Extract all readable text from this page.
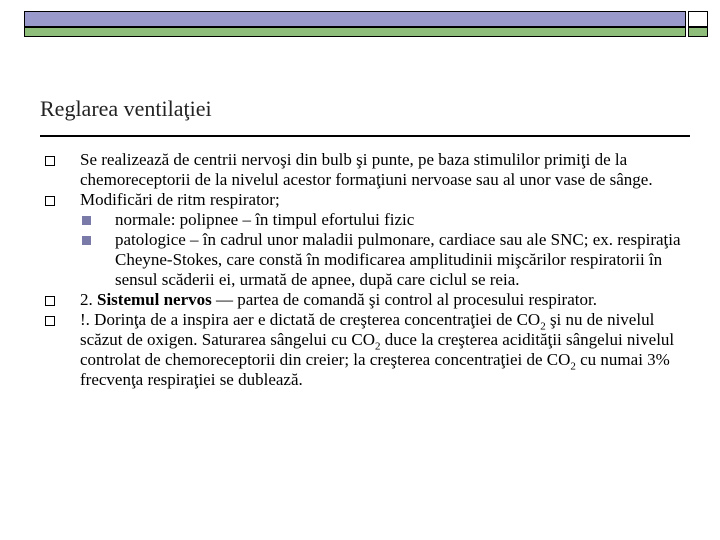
Reglarea ventilaţiei
Se realizează de centrii nervoşi din bulb şi punte, pe baza stimulilor primiţi de la chemoreceptorii de la nivelul acestor formaţiuni nervoase sau al unor vase de sânge.
Modificări de ritm respirator;
normale: polipnee – în timpul efortului fizic
patologice – în cadrul unor maladii pulmonare, cardiace sau ale SNC; ex. respiraţia Cheyne-Stokes, care constă în modificarea amplitudinii mişcărilor respiratorii în sensul scăderii ei, urmată de apnee, după care ciclul se reia.
2. Sistemul nervos — partea de comandă şi control al procesului respirator.
!. Dorinţa de a inspira aer e dictată de creşterea concentraţiei de $CO_2$ şi nu de nivelul scăzut de oxigen. Saturarea sângelui cu $CO_2$ duce la creşterea acidităţii sângelui nivelul controlat de chemoreceptorii din creier; la creşterea concentraţiei de $CO_2$ cu numai 3% frecvenţa respiraţiei se dublează.
